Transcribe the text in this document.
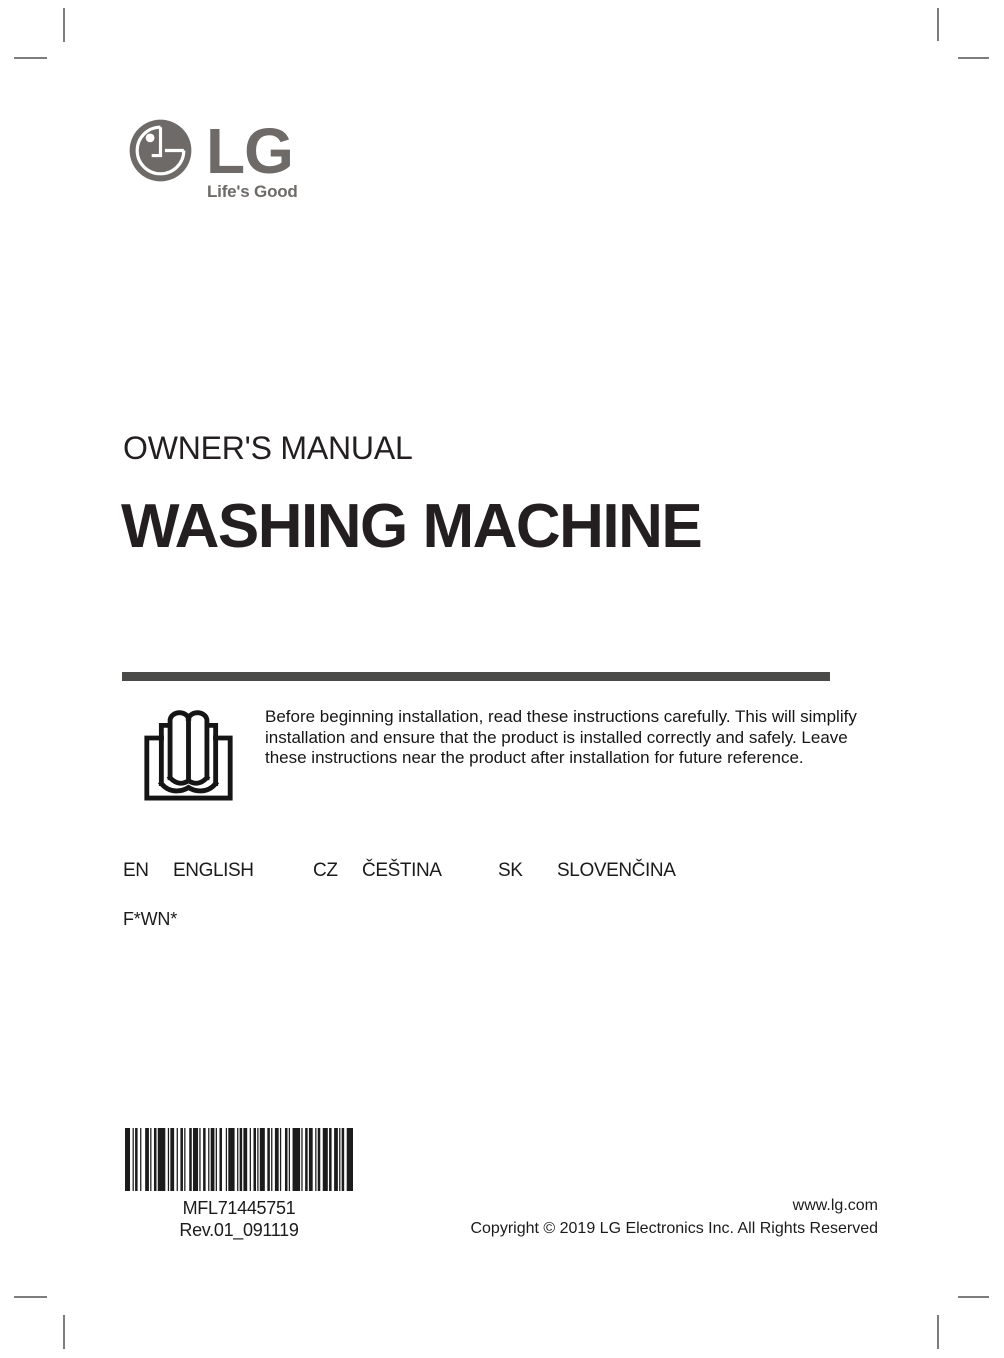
LG
Life's Good
OWNER'S MANUAL
WASHING MACHINE

Before beginning installation, read these instructions carefully. This will simplify installation and ensure that the product is installed correctly and safely. Leave these instructions near the product after installation for future reference.

EN ENGLISH	CZ ČEŠTINA	SK SLOVENČINA
F*WN*
MFL71445751
Rev.01_091119
www.lg.com
Copyright © 2019 LG Electronics Inc. All Rights Reserved
